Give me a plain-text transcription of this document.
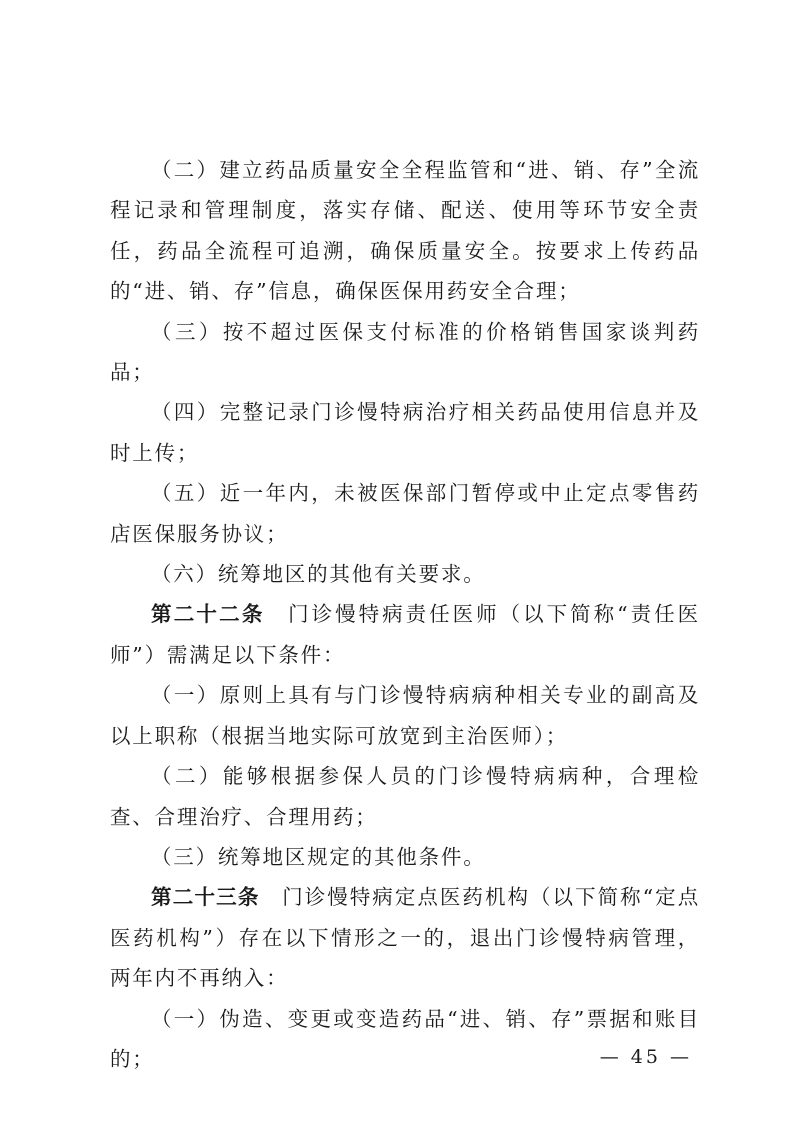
（二）建立药品质量安全全程监管和“进、销、存”全流程记录和管理制度，落实存储、配送、使用等环节安全责任，药品全流程可追溯，确保质量安全。按要求上传药品的“进、销、存”信息，确保医保用药安全合理；

（三）按不超过医保支付标准的价格销售国家谈判药品；

（四）完整记录门诊慢特病治疗相关药品使用信息并及时上传；

（五）近一年内，未被医保部门暂停或中止定点零售药店医保服务协议；

（六）统筹地区的其他有关要求。

第二十二条　 门诊慢特病责任医师（以下简称“责任医师”）需满足以下条件：

（一）原则上具有与门诊慢特病病种相关专业的副高及以上职称（根据当地实际可放宽到主治医师）；

（二）能够根据参保人员的门诊慢特病病种，合理检查、合理治疗、合理用药；

（三）统筹地区规定的其他条件。

第二十三条　 门诊慢特病定点医药机构（以下简称“定点医药机构”）存在以下情形之一的，退出门诊慢特病管理，两年内不再纳入：

（一）伪造、变更或变造药品“进、销、存”票据和账目的；	— 45 —
